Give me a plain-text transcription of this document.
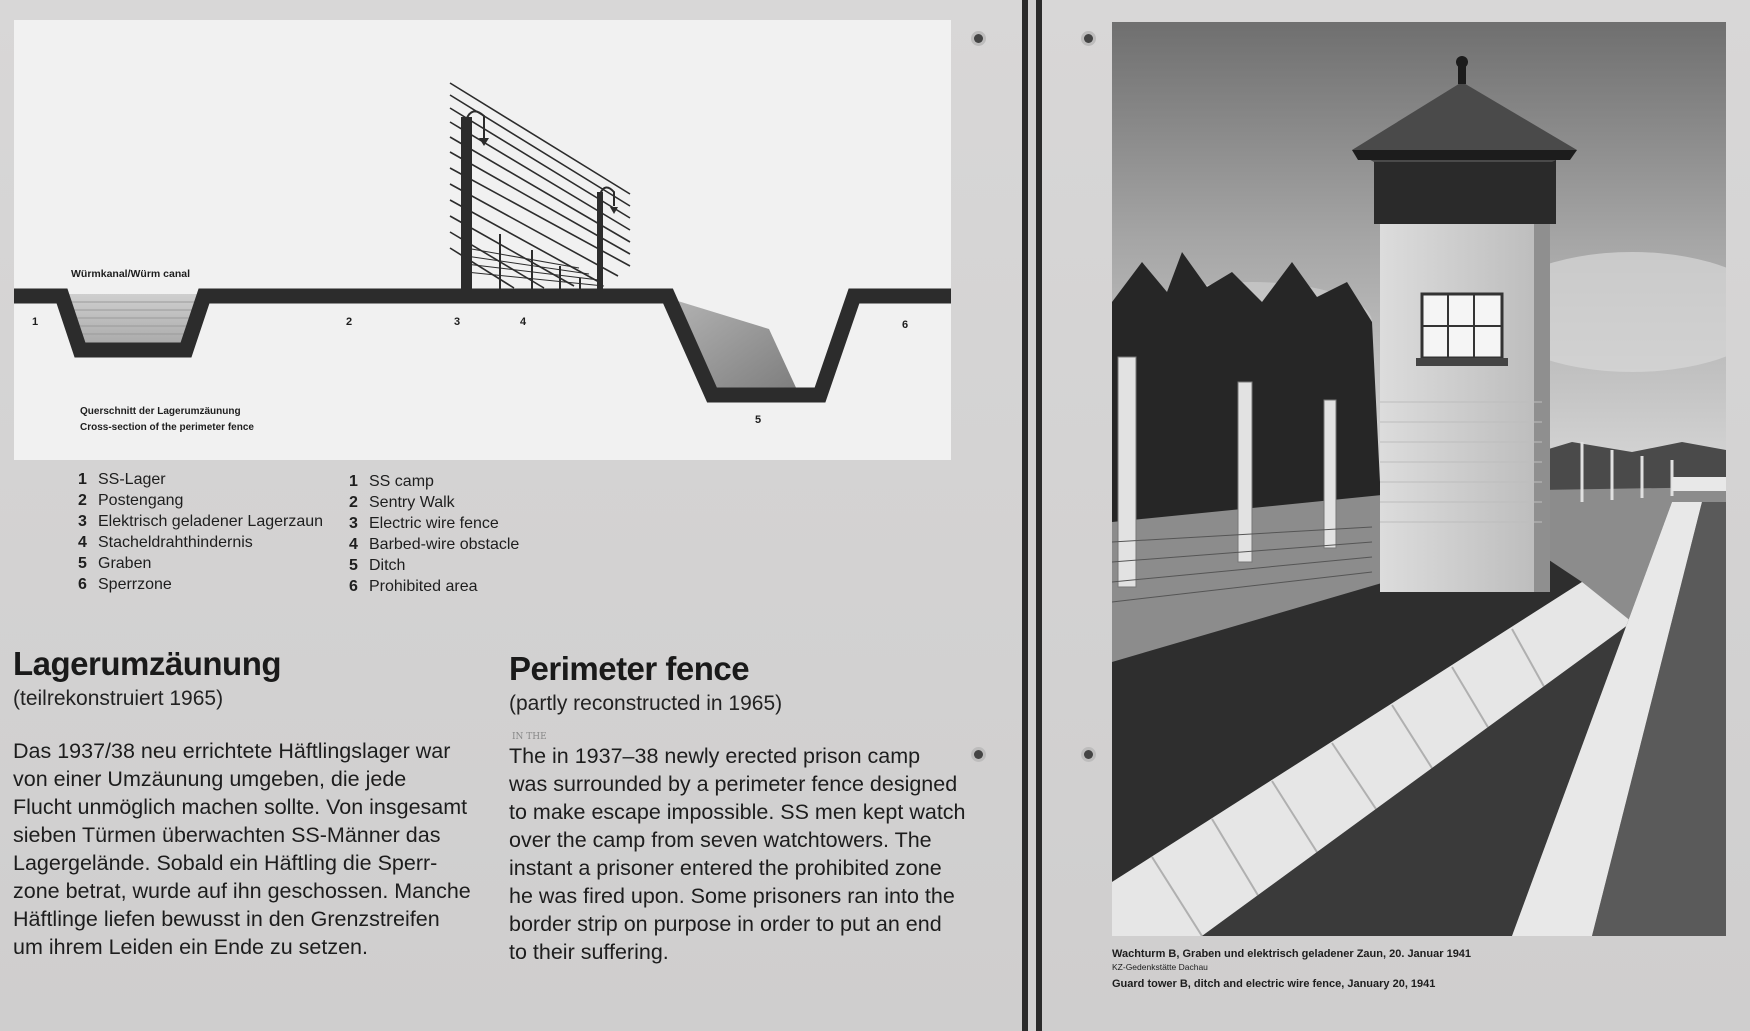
Würmkanal/Würm canal
1	2	3	4
5
6
Querschnitt der Lagerumzäunung
Cross-section of the perimeter fence
1 SS-Lager
2 Postengang
3 Elektrisch geladener Lagerzaun
4 Stacheldrahthindernis
5 Graben
6 Sperrzone
1 SS camp
2 Sentry Walk
3 Electric wire fence
4 Barbed-wire obstacle
5 Ditch
6 Prohibited area
Lagerumzäunung
(teilrekonstruiert 1965)
Das 1937/38 neu errichtete Häftlingslager war
von einer Umzäunung umgeben, die jede
Flucht unmöglich machen sollte. Von insgesamt
sieben Türmen überwachten SS-Männer das
Lagergelände. Sobald ein Häftling die Sperr-
zone betrat, wurde auf ihn geschossen. Manche
Häftlinge liefen bewusst in den Grenzstreifen
um ihrem Leiden ein Ende zu setzen.
Perimeter fence
(partly reconstructed in 1965)
IN THE
The in 1937–38 newly erected prison camp
was surrounded by a perimeter fence designed
to make escape impossible. SS men kept watch
over the camp from seven watchtowers. The
instant a prisoner entered the prohibited zone
he was fired upon. Some prisoners ran into the
border strip on purpose in order to put an end
to their suffering.	Wachturm B, Graben und elektrisch geladener Zaun, 20. Januar 1941
KZ-Gedenkstätte Dachau
Guard tower B, ditch and electric wire fence, January 20, 1941
